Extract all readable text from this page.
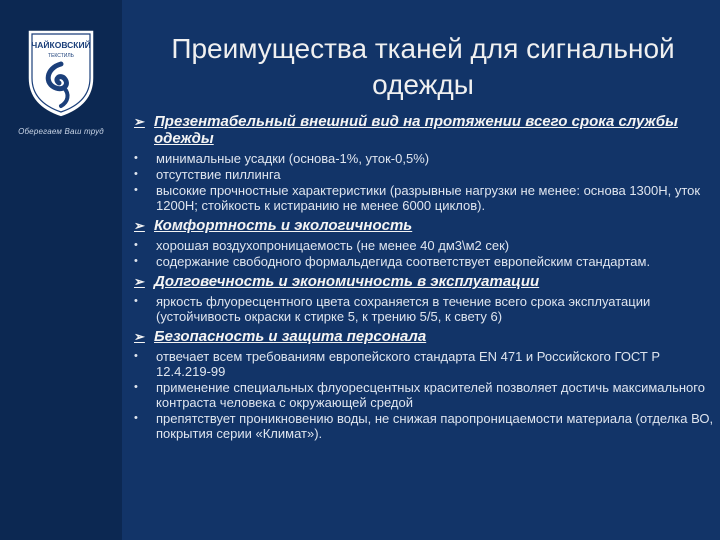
ЧАЙКОВСКИЙ
ТЕКСТИЛЬ
Оберегаем Ваш труд
Преимущества тканей для сигнальной одежды
➢ Презентабельный внешний вид на протяжении всего срока службы одежды
•	минимальные усадки (основа-1%, уток-0,5%)
•	отсутствие пиллинга
•	высокие прочностные характеристики (разрывные нагрузки не менее: основа 1300Н, уток 1200Н; стойкость к истиранию не менее 6000 циклов).
➢ Комфортность и экологичность
•	хорошая воздухопроницаемость (не менее 40 дм3\м2 сек)
•	содержание свободного формальдегида соответствует европейским стандартам.
➢ Долговечность и экономичность в эксплуатации
•	яркость флуоресцентного цвета сохраняется в течение всего срока эксплуатации (устойчивость окраски к стирке 5, к трению 5/5, к свету 6)
➢ Безопасность и защита персонала
•	отвечает всем требованиям европейского стандарта EN 471 и Российского ГОСТ Р 12.4.219-99
•	применение специальных флуоресцентных красителей позволяет достичь максимального контраста человека с окружающей средой
•	препятствует проникновению воды, не снижая паропроницаемости материала (отделка ВО, покрытия серии «Климат»).
